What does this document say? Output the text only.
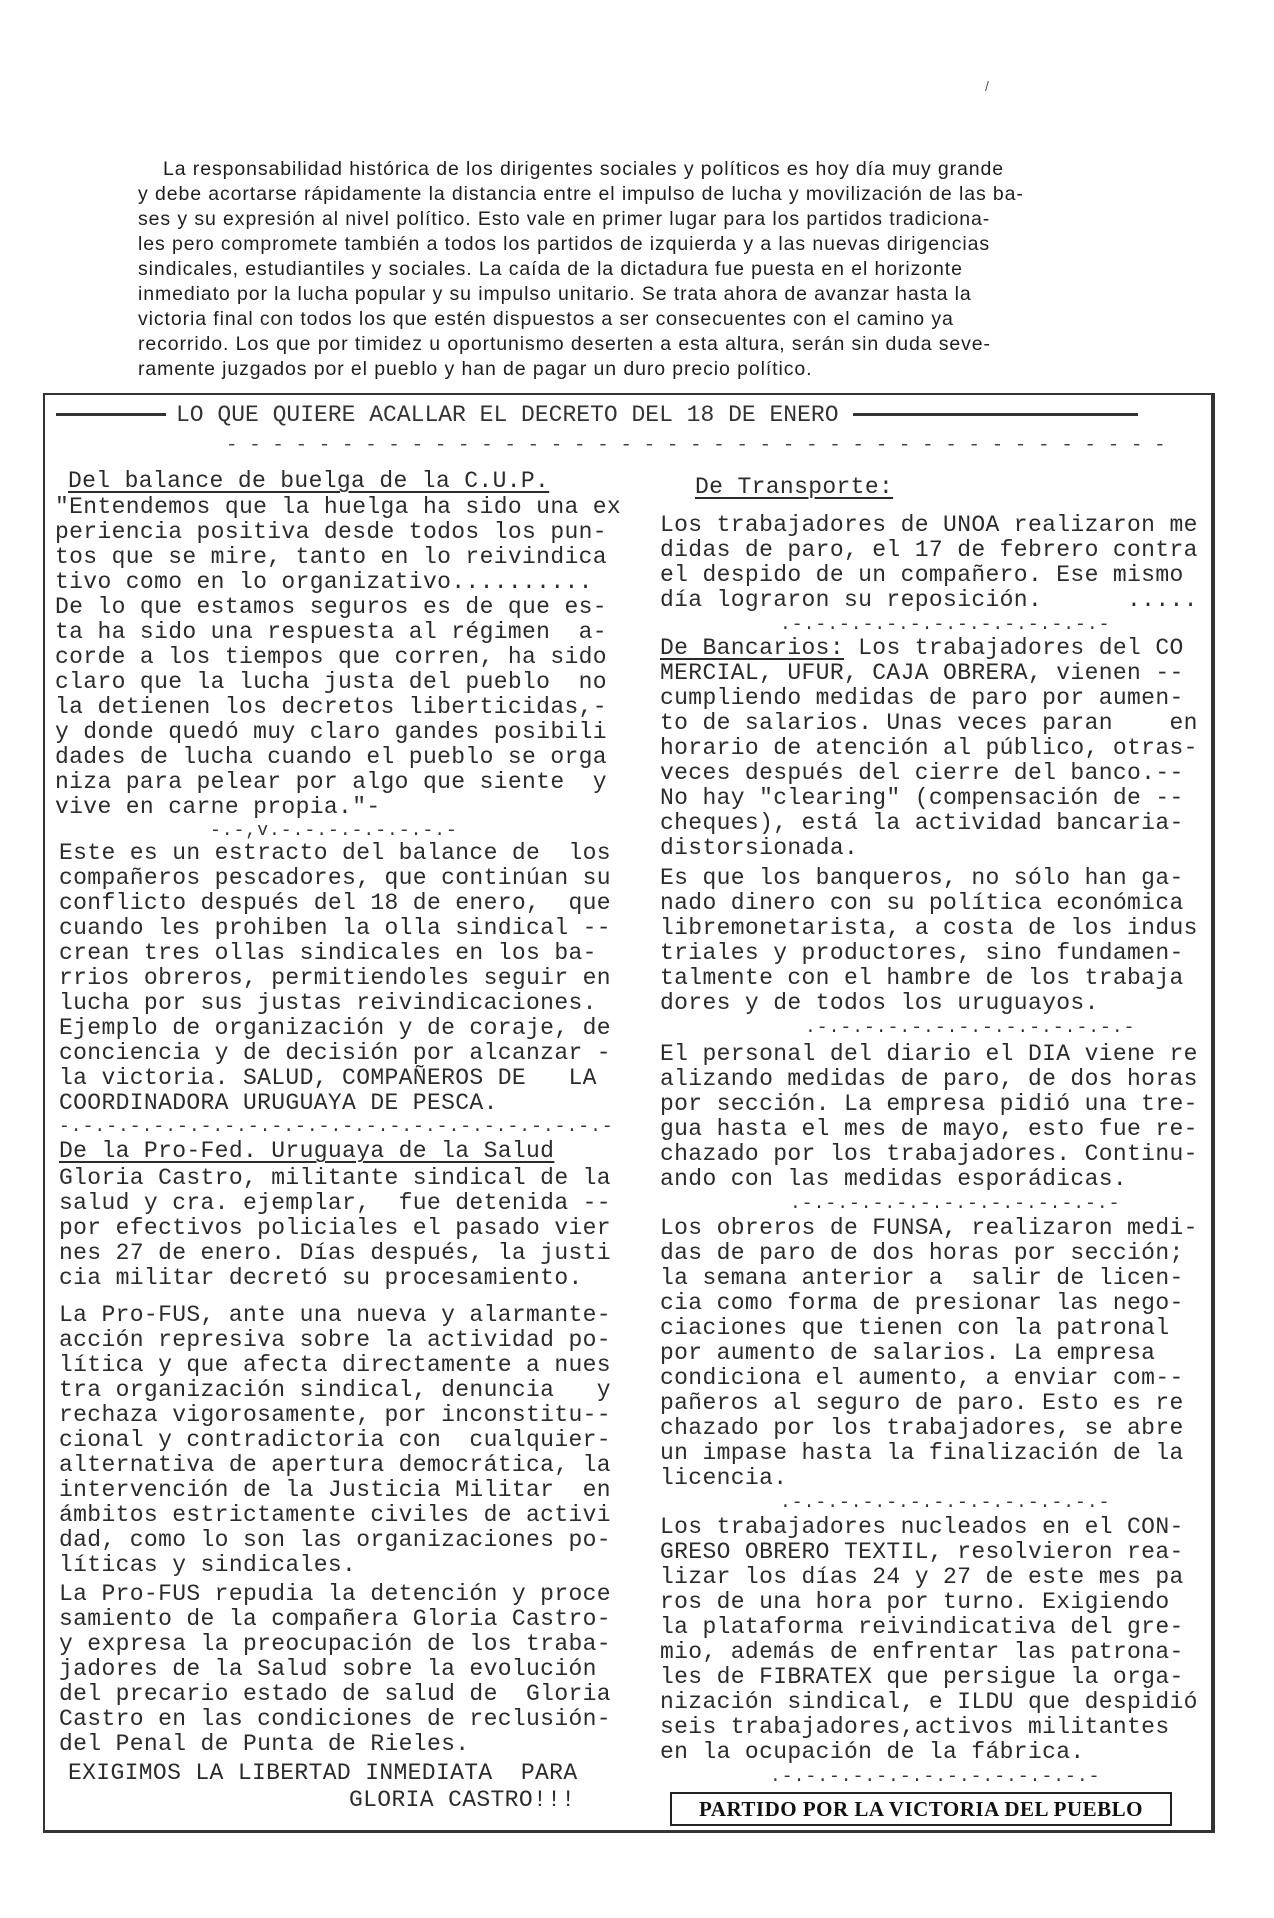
/
La responsabilidad histórica de los dirigentes sociales y políticos es hoy día muy grande
y debe acortarse rápidamente la distancia entre el impulso de lucha y movilización de las ba-
ses y su expresión al nivel político. Esto vale en primer lugar para los partidos tradiciona-
les pero compromete también a todos los partidos de izquierda y a las nuevas dirigencias
sindicales, estudiantiles y sociales. La caída de la dictadura fue puesta en el horizonte
inmediato por la lucha popular y su impulso unitario. Se trata ahora de avanzar hasta la
victoria final con todos los que estén dispuestos a ser consecuentes con el camino ya
recorrido. Los que por timidez u oportunismo deserten a esta altura, serán sin duda seve-
ramente juzgados por el pueblo y han de pagar un duro precio político.
LO QUE QUIERE ACALLAR EL DECRETO DEL 18 DE ENERO
- - - - - - - - - - - - - - - - - - - - - - - - - - - - - - - - - - - - - - - - -
Del balance de buelga de la C.U.P.
"Entendemos que la huelga ha sido una ex
periencia positiva desde todos los pun-
tos que se mire, tanto en lo reivindica
tivo como en lo organizativo..........
De lo que estamos seguros es de que es-
ta ha sido una respuesta al régimen  a-
corde a los tiempos que corren, ha sido
claro que la lucha justa del pueblo  no
la detienen los decretos liberticidas,-
y donde quedó muy claro gandes posibili
dades de lucha cuando el pueblo se orga
niza para pelear por algo que siente  y
vive en carne propia."-
-.-,v.-.-.-.-.-.-.-.-
Este es un estracto del balance de  los
compañeros pescadores, que continúan su
conflicto después del 18 de enero,  que
cuando les prohiben la olla sindical --
crean tres ollas sindicales en los ba-
rrios obreros, permitiendoles seguir en
lucha por sus justas reivindicaciones.
Ejemplo de organización y de coraje, de
conciencia y de decisión por alcanzar -
la victoria. SALUD, COMPAÑEROS DE   LA
COORDINADORA URUGUAYA DE PESCA.
-.-.-.-.-.-.-.-.-.-.-.-.-.-.-.-.-.-.-.-.-.-.-.-
De la Pro-Fed. Uruguaya de la Salud
Gloria Castro, militante sindical de la
salud y cra. ejemplar,  fue detenida --
por efectivos policiales el pasado vier
nes 27 de enero. Días después, la justi
cia militar decretó su procesamiento.
La Pro-FUS, ante una nueva y alarmante-
acción represiva sobre la actividad po-
lítica y que afecta directamente a nues
tra organización sindical, denuncia   y
rechaza vigorosamente, por inconstitu--
cional y contradictoria con  cualquier-
alternativa de apertura democrática, la
intervención de la Justicia Militar  en
ámbitos estrictamente civiles de activi
dad, como lo son las organizaciones po-
líticas y sindicales.
La Pro-FUS repudia la detención y proce
samiento de la compañera Gloria Castro-
y expresa la preocupación de los traba-
jadores de la Salud sobre la evolución
del precario estado de salud de  Gloria
Castro en las condiciones de reclusión-
del Penal de Punta de Rieles.
EXIGIMOS LA LIBERTAD INMEDIATA  PARA
GLORIA CASTRO!!!
De Transporte:
Los trabajadores de UNOA realizaron me
didas de paro, el 17 de febrero contra
el despido de un compañero. Ese mismo
día lograron su reposición.      .....
.-.-.-.-.-.-.-.-.-.-.-.-.-.-
De Bancarios: Los trabajadores del CO
MERCIAL, UFUR, CAJA OBRERA, vienen --
cumpliendo medidas de paro por aumen-
to de salarios. Unas veces paran    en
horario de atención al público, otras-
veces después del cierre del banco.--
No hay "clearing" (compensación de --
cheques), está la actividad bancaria-
distorsionada.
Es que los banqueros, no sólo han ga-
nado dinero con su política económica
libremonetarista, a costa de los indus
triales y productores, sino fundamen-
talmente con el hambre de los trabaja
dores y de todos los uruguayos.
.-.-.-.-.-.-.-.-.-.-.-.-.-.-
El personal del diario el DIA viene re
alizando medidas de paro, de dos horas
por sección. La empresa pidió una tre-
gua hasta el mes de mayo, esto fue re-
chazado por los trabajadores. Continu-
ando con las medidas esporádicas.
.-.-.-.-.-.-.-.-.-.-.-.-.-.-
Los obreros de FUNSA, realizaron medi-
das de paro de dos horas por sección;
la semana anterior a  salir de licen-
cia como forma de presionar las nego-
ciaciones que tienen con la patronal
por aumento de salarios. La empresa
condiciona el aumento, a enviar com--
pañeros al seguro de paro. Esto es re
chazado por los trabajadores, se abre
un impase hasta la finalización de la
licencia.
.-.-.-.-.-.-.-.-.-.-.-.-.-.-
Los trabajadores nucleados en el CON-
GRESO OBRERO TEXTIL, resolvieron rea-
lizar los días 24 y 27 de este mes pa
ros de una hora por turno. Exigiendo
la plataforma reivindicativa del gre-
mio, además de enfrentar las patrona-
les de FIBRATEX que persigue la orga-
nización sindical, e ILDU que despidió
seis trabajadores,activos militantes
en la ocupación de la fábrica.
.-.-.-.-.-.-.-.-.-.-.-.-.-.-
PARTIDO POR LA VICTORIA DEL PUEBLO
